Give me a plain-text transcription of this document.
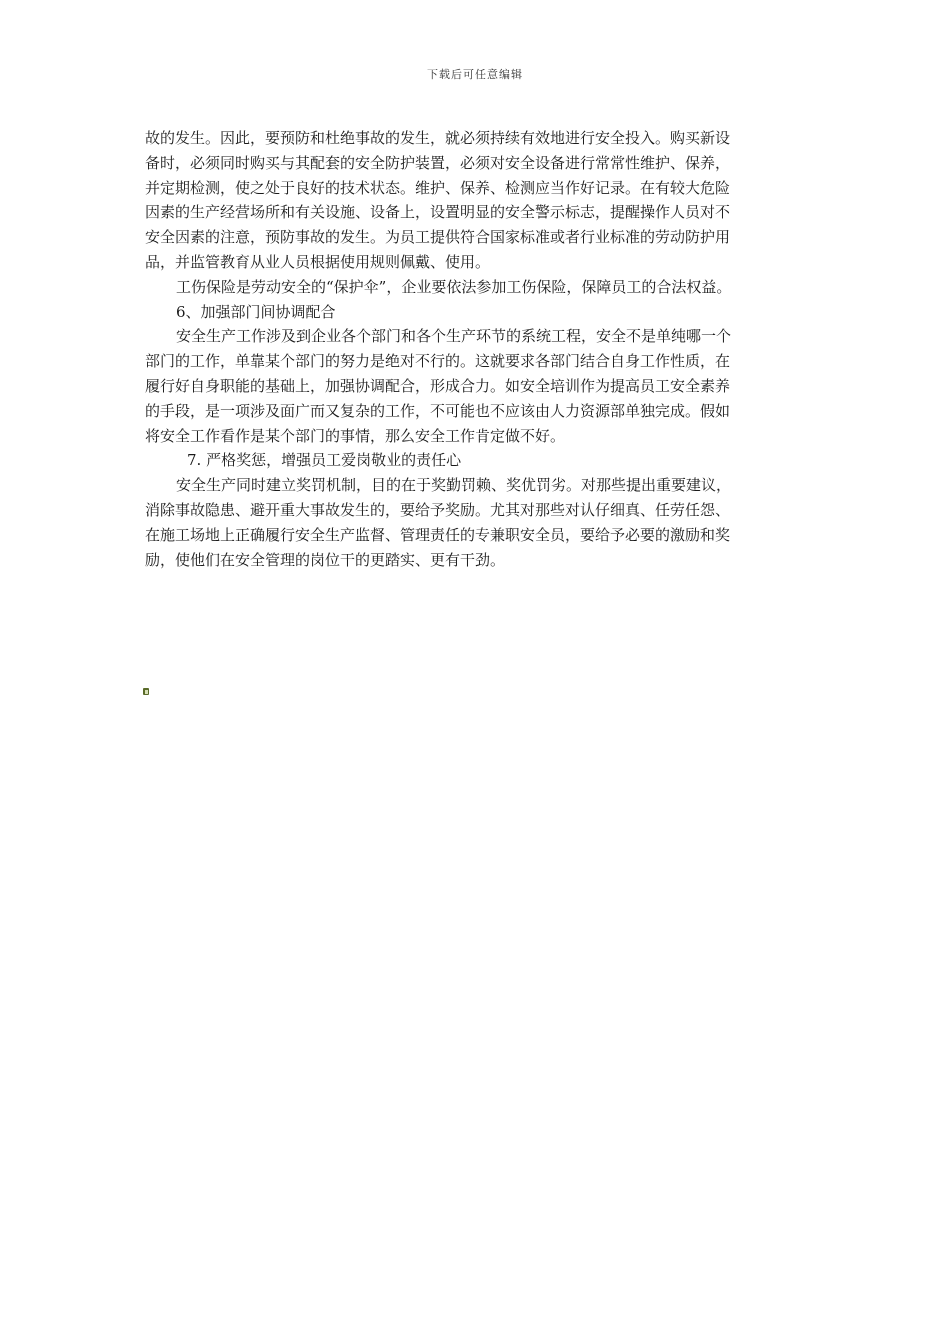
下载后可任意编辑
故的发生。因此，要预防和杜绝事故的发生，就必须持续有效地进行安全投入。购买新设
备时，必须同时购买与其配套的安全防护装置，必须对安全设备进行常常性维护、保养，
并定期检测，使之处于良好的技术状态。维护、保养、检测应当作好记录。在有较大危险
因素的生产经营场所和有关设施、设备上，设置明显的安全警示标志，提醒操作人员对不
安全因素的注意，预防事故的发生。为员工提供符合国家标准或者行业标准的劳动防护用
品，并监管教育从业人员根据使用规则佩戴、使用。
工伤保险是劳动安全的“保护伞”，企业要依法参加工伤保险，保障员工的合法权益。
6、加强部门间协调配合
安全生产工作涉及到企业各个部门和各个生产环节的系统工程，安全不是单纯哪一个
部门的工作，单靠某个部门的努力是绝对不行的。这就要求各部门结合自身工作性质，在
履行好自身职能的基础上，加强协调配合，形成合力。如安全培训作为提高员工安全素养
的手段，是一项涉及面广而又复杂的工作，不可能也不应该由人力资源部单独完成。假如
将安全工作看作是某个部门的事情，那么安全工作肯定做不好。
7. 严格奖惩，增强员工爱岗敬业的责任心
安全生产同时建立奖罚机制，目的在于奖勤罚赖、奖优罚劣。对那些提出重要建议，
消除事故隐患、避开重大事故发生的，要给予奖励。尤其对那些对认仔细真、任劳任怨、
在施工场地上正确履行安全生产监督、管理责任的专兼职安全员，要给予必要的激励和奖
励，使他们在安全管理的岗位干的更踏实、更有干劲。
